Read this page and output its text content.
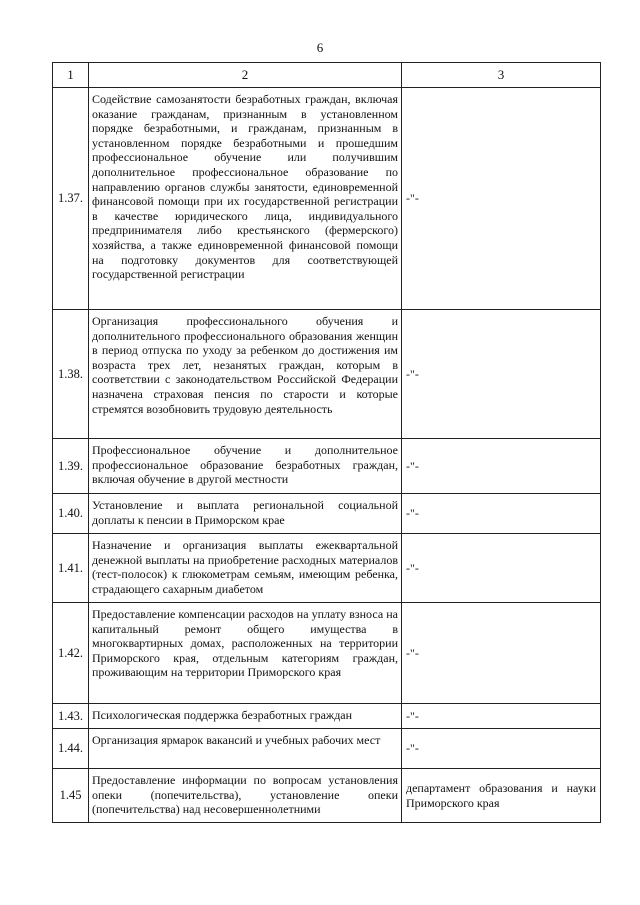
6
1	2	3
1.37.	Содействие самозанятости безработных граждан, включая оказание гражданам, признанным в установленном порядке безработными, и гражданам, признанным в установленном порядке безработными и прошедшим профессиональное обучение или получившим дополнительное профессиональное образование по направлению органов службы занятости, единовременной финансовой помощи при их государственной регистрации в качестве юридического лица, индивидуального предпринимателя либо крестьянского (фермерского) хозяйства, а также единовременной финансовой помощи на подготовку документов для соответствующей государственной регистрации	-"-
1.38.	Организация профессионального обучения и дополнительного профессионального образования женщин в период отпуска по уходу за ребенком до достижения им возраста трех лет, незанятых граждан, которым в соответствии с законодательством Российской Федерации назначена страховая пенсия по старости и которые стремятся возобновить трудовую деятельность	-"-
1.39.	Профессиональное обучение и дополнительное профессиональное образование безработных граждан, включая обучение в другой местности	-"-
1.40.	Установление и выплата региональной социальной доплаты к пенсии в Приморском крае	-"-
1.41.	Назначение и организация выплаты ежеквартальной денежной выплаты на приобретение расходных материалов (тест-полосок) к глюкометрам семьям, имеющим ребенка, страдающего сахарным диабетом	-"-
1.42.	Предоставление компенсации расходов на уплату взноса на капитальный ремонт общего имущества в многоквартирных домах, расположенных на территории Приморского края, отдельным категориям граждан, проживающим на территории Приморского края	-"-
1.43.	Психологическая поддержка безработных граждан	-"-
1.44.	Организация ярмарок вакансий и учебных рабочих мест	-"-
1.45	Предоставление информации по вопросам установления опеки (попечительства), установление опеки (попечительства) над несовершеннолетними	департамент образования и науки Приморского края
